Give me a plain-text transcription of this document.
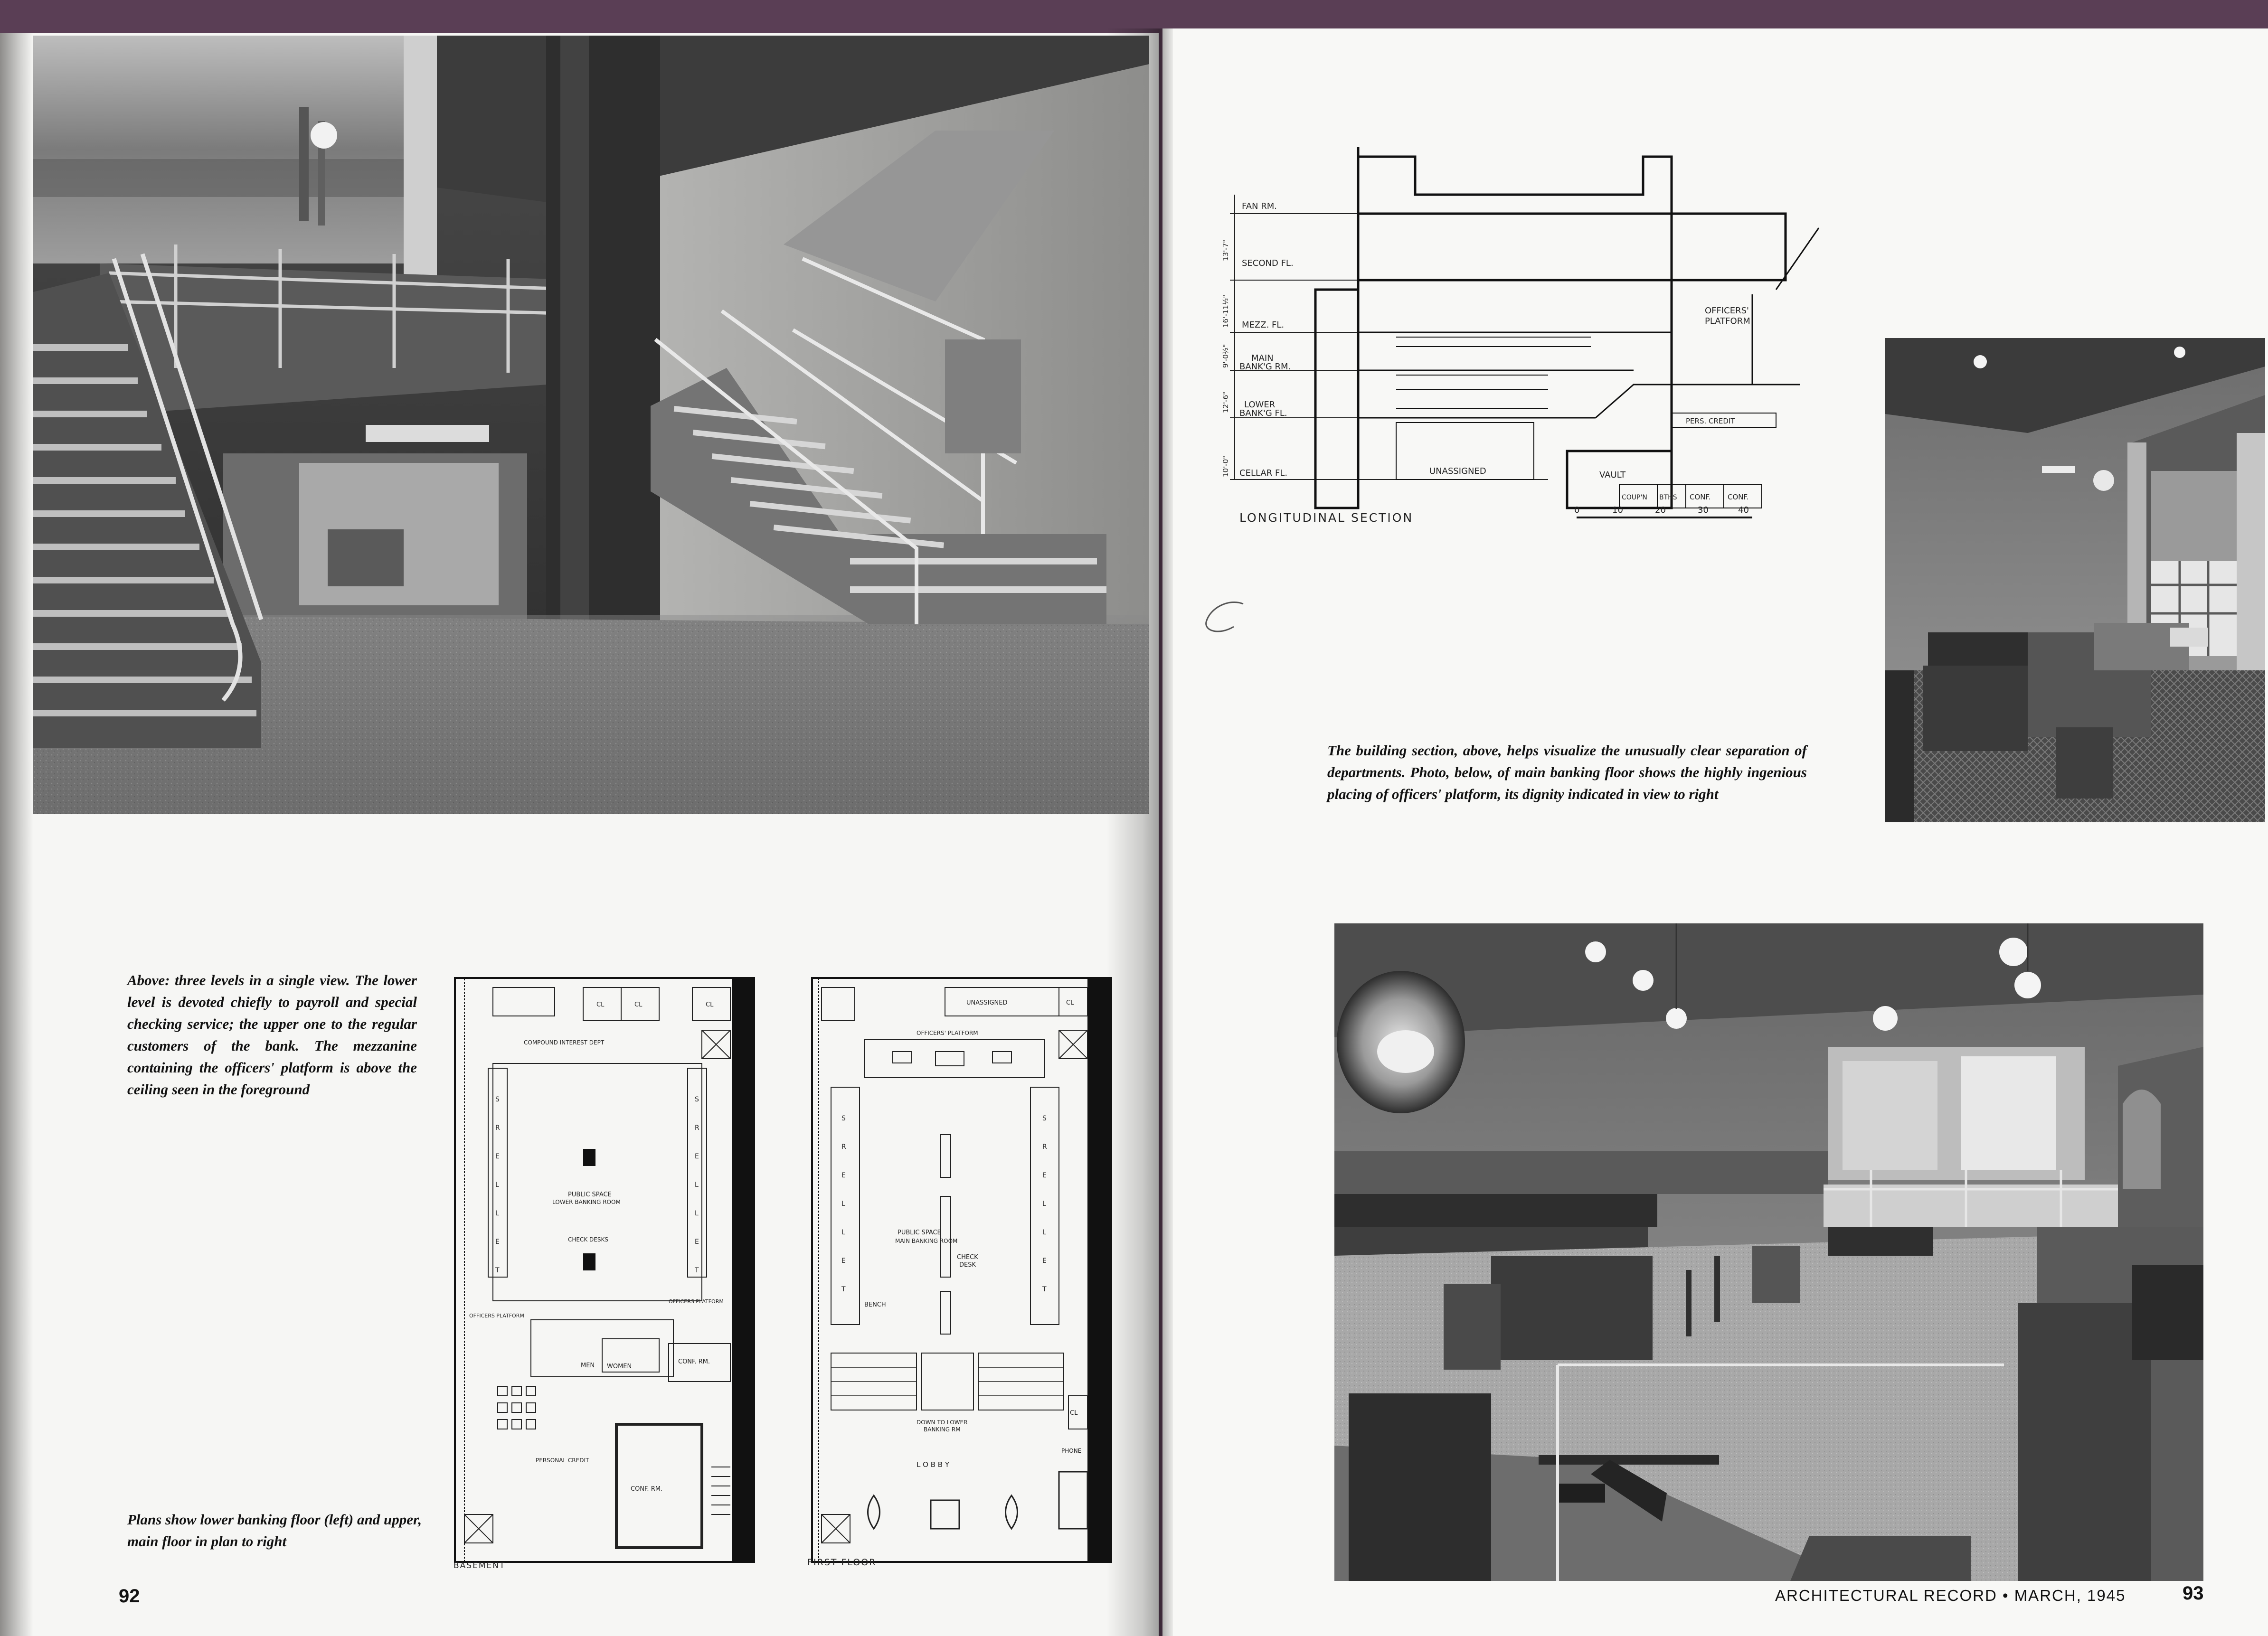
Above: three levels in a single view. The lower level is devoted chiefly to payroll and special checking service; the upper one to the regular customers of the bank. The mezzanine containing the officers' platform is above the ceiling seen in the foreground

Plans show lower banking floor (left) and upper, main floor in plan to right

CL	CL	CL
COMPOUND INTEREST DEPT
S
R
E
L
L
E
T
S
R
E
L
L
E
T
PUBLIC SPACE
LOWER BANKING ROOM
CHECK DESKS
OFFICERS PLATFORM
OFFICERS PLATFORM
MEN WOMEN
CONF. RM.
PERSONAL CREDIT
CONF. RM.
BASEMENT
UNASSIGNED	CL
OFFICERS' PLATFORM
S
R
E
L
L
E
T
S
R
E
L
L
E
T
PUBLIC SPACE
MAIN BANKING ROOM
CHECK
DESK
BENCH
DOWN TO LOWER
BANKING RM
CL
PHONE
L O B B Y
FIRST FLOOR
92
FAN RM.
SECOND FL.
MEZZ. FL.
MAIN
BANK'G RM.
LOWER
BANK'G FL.
CELLAR FL.
13'-7"
16'-11½"
9'-0½"
12'-6"
10'-0"	UNASSIGNED	VAULT
COUP'N BTHS CONF. CONF.
PERS. CREDIT
OFFICERS'
PLATFORM
0	10	20	30	40
LONGITUDINAL SECTION

The building section, above, helps visualize the unusually clear separation of departments. Photo, below, of main banking floor shows the highly ingenious placing of officers' platform, its dignity indicated in view to right

ARCHITECTURAL RECORD • MARCH, 1945	93
